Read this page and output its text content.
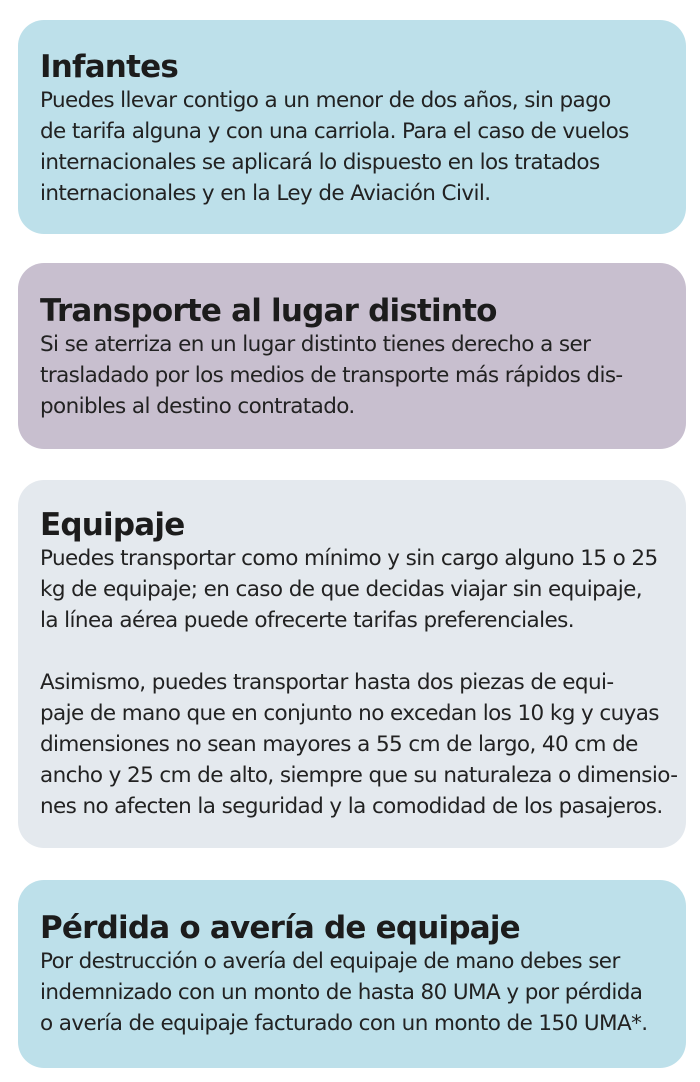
Infantes

Puedes llevar contigo a un menor de dos años, sin pago
de tarifa alguna y con una carriola. Para el caso de vuelos
internacionales se aplicará lo dispuesto en los tratados
internacionales y en la Ley de Aviación Civil.

Transporte al lugar distinto

Si se aterriza en un lugar distinto tienes derecho a ser
trasladado por los medios de transporte más rápidos dis-
ponibles al destino contratado.

Equipaje

Puedes transportar como mínimo y sin cargo alguno 15 o 25
kg de equipaje; en caso de que decidas viajar sin equipaje,
la línea aérea puede ofrecerte tarifas preferenciales.

Asimismo, puedes transportar hasta dos piezas de equi-
paje de mano que en conjunto no excedan los 10 kg y cuyas
dimensiones no sean mayores a 55 cm de largo, 40 cm de
ancho y 25 cm de alto, siempre que su naturaleza o dimensio-
nes no afecten la seguridad y la comodidad de los pasajeros.

Pérdida o avería de equipaje

Por destrucción o avería del equipaje de mano debes ser
indemnizado con un monto de hasta 80 UMA y por pérdida
o avería de equipaje facturado con un monto de 150 UMA*.
